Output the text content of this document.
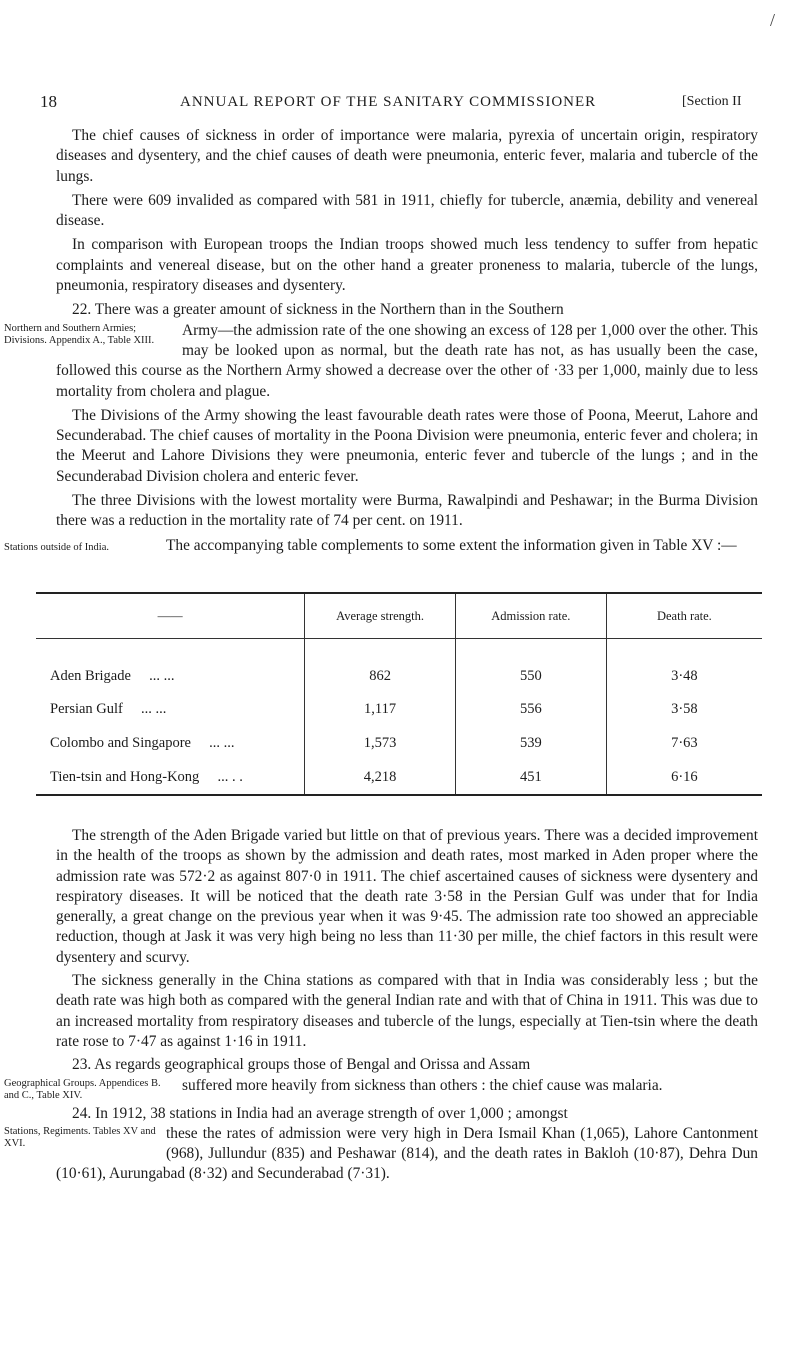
/
18	ANNUAL REPORT OF THE SANITARY COMMISSIONER	[Section II

The chief causes of sickness in order of importance were malaria, pyrexia of uncertain origin, respiratory diseases and dysentery, and the chief causes of death were pneumonia, enteric fever, malaria and tubercle of the lungs.

There were 609 invalided as compared with 581 in 1911, chiefly for tubercle, anæmia, debility and venereal disease.

In comparison with European troops the Indian troops showed much less tendency to suffer from hepatic complaints and venereal disease, but on the other hand a greater proneness to malaria, tubercle of the lungs, pneumonia, respiratory diseases and dysentery.

22. There was a greater amount of sickness in the Northern than in the Southern

Northern and Southern Armies; Divisions. Appendix A., Table XIII.
Army—the admission rate of the one showing an excess of 128 per 1,000 over the other. This may be looked upon as normal, but the death rate has not, as has usually been the case, followed this course as the Northern Army showed a decrease over the other of ·33 per 1,000, mainly due to less mortality from cholera and plague.

The Divisions of the Army showing the least favourable death rates were those of Poona, Meerut, Lahore and Secunderabad. The chief causes of mortality in the Poona Division were pneumonia, enteric fever and cholera; in the Meerut and Lahore Divisions they were pneumonia, enteric fever and tubercle of the lungs ; and in the Secunderabad Division cholera and enteric fever.

The three Divisions with the lowest mortality were Burma, Rawalpindi and Peshawar; in the Burma Division there was a reduction in the mortality rate of 74 per cent. on 1911.

Stations outside of India.	The accompanying table complements to some extent the information given in Table XV :—

——	Average strength.	Admission rate.	Death rate.
Aden Brigade ... ...	862	550	3·48
Persian Gulf ... ...	1,117	556	3·58
Colombo and Singapore ... ...	1,573	539	7·63
Tien-tsin and Hong-Kong ... . .	4,218	451	6·16

The strength of the Aden Brigade varied but little on that of previous years. There was a decided improvement in the health of the troops as shown by the admission and death rates, most marked in Aden proper where the admission rate was 572·2 as against 807·0 in 1911. The chief ascertained causes of sickness were dysentery and respiratory diseases. It will be noticed that the death rate 3·58 in the Persian Gulf was under that for India generally, a great change on the previous year when it was 9·45. The admission rate too showed an appreciable reduction, though at Jask it was very high being no less than 11·30 per mille, the chief factors in this result were dysentery and scurvy.

The sickness generally in the China stations as compared with that in India was considerably less ; but the death rate was high both as compared with the general Indian rate and with that of China in 1911. This was due to an increased mortality from respiratory diseases and tubercle of the lungs, especially at Tien-tsin where the death rate rose to 7·47 as against 1·16 in 1911.

23. As regards geographical groups those of Bengal and Orissa and Assam

Geographical Groups. Appendices B. and C., Table XIV.
suffered more heavily from sickness than others : the chief cause was malaria.

24. In 1912, 38 stations in India had an average strength of over 1,000 ; amongst

Stations, Regiments. Tables XV and XVI.
these the rates of admission were very high in Dera Ismail Khan (1,065), Lahore Cantonment (968), Jullundur (835) and Peshawar (814), and the death rates in Bakloh (10·87), Dehra Dun (10·61), Aurungabad (8·32) and Secunderabad (7·31).
